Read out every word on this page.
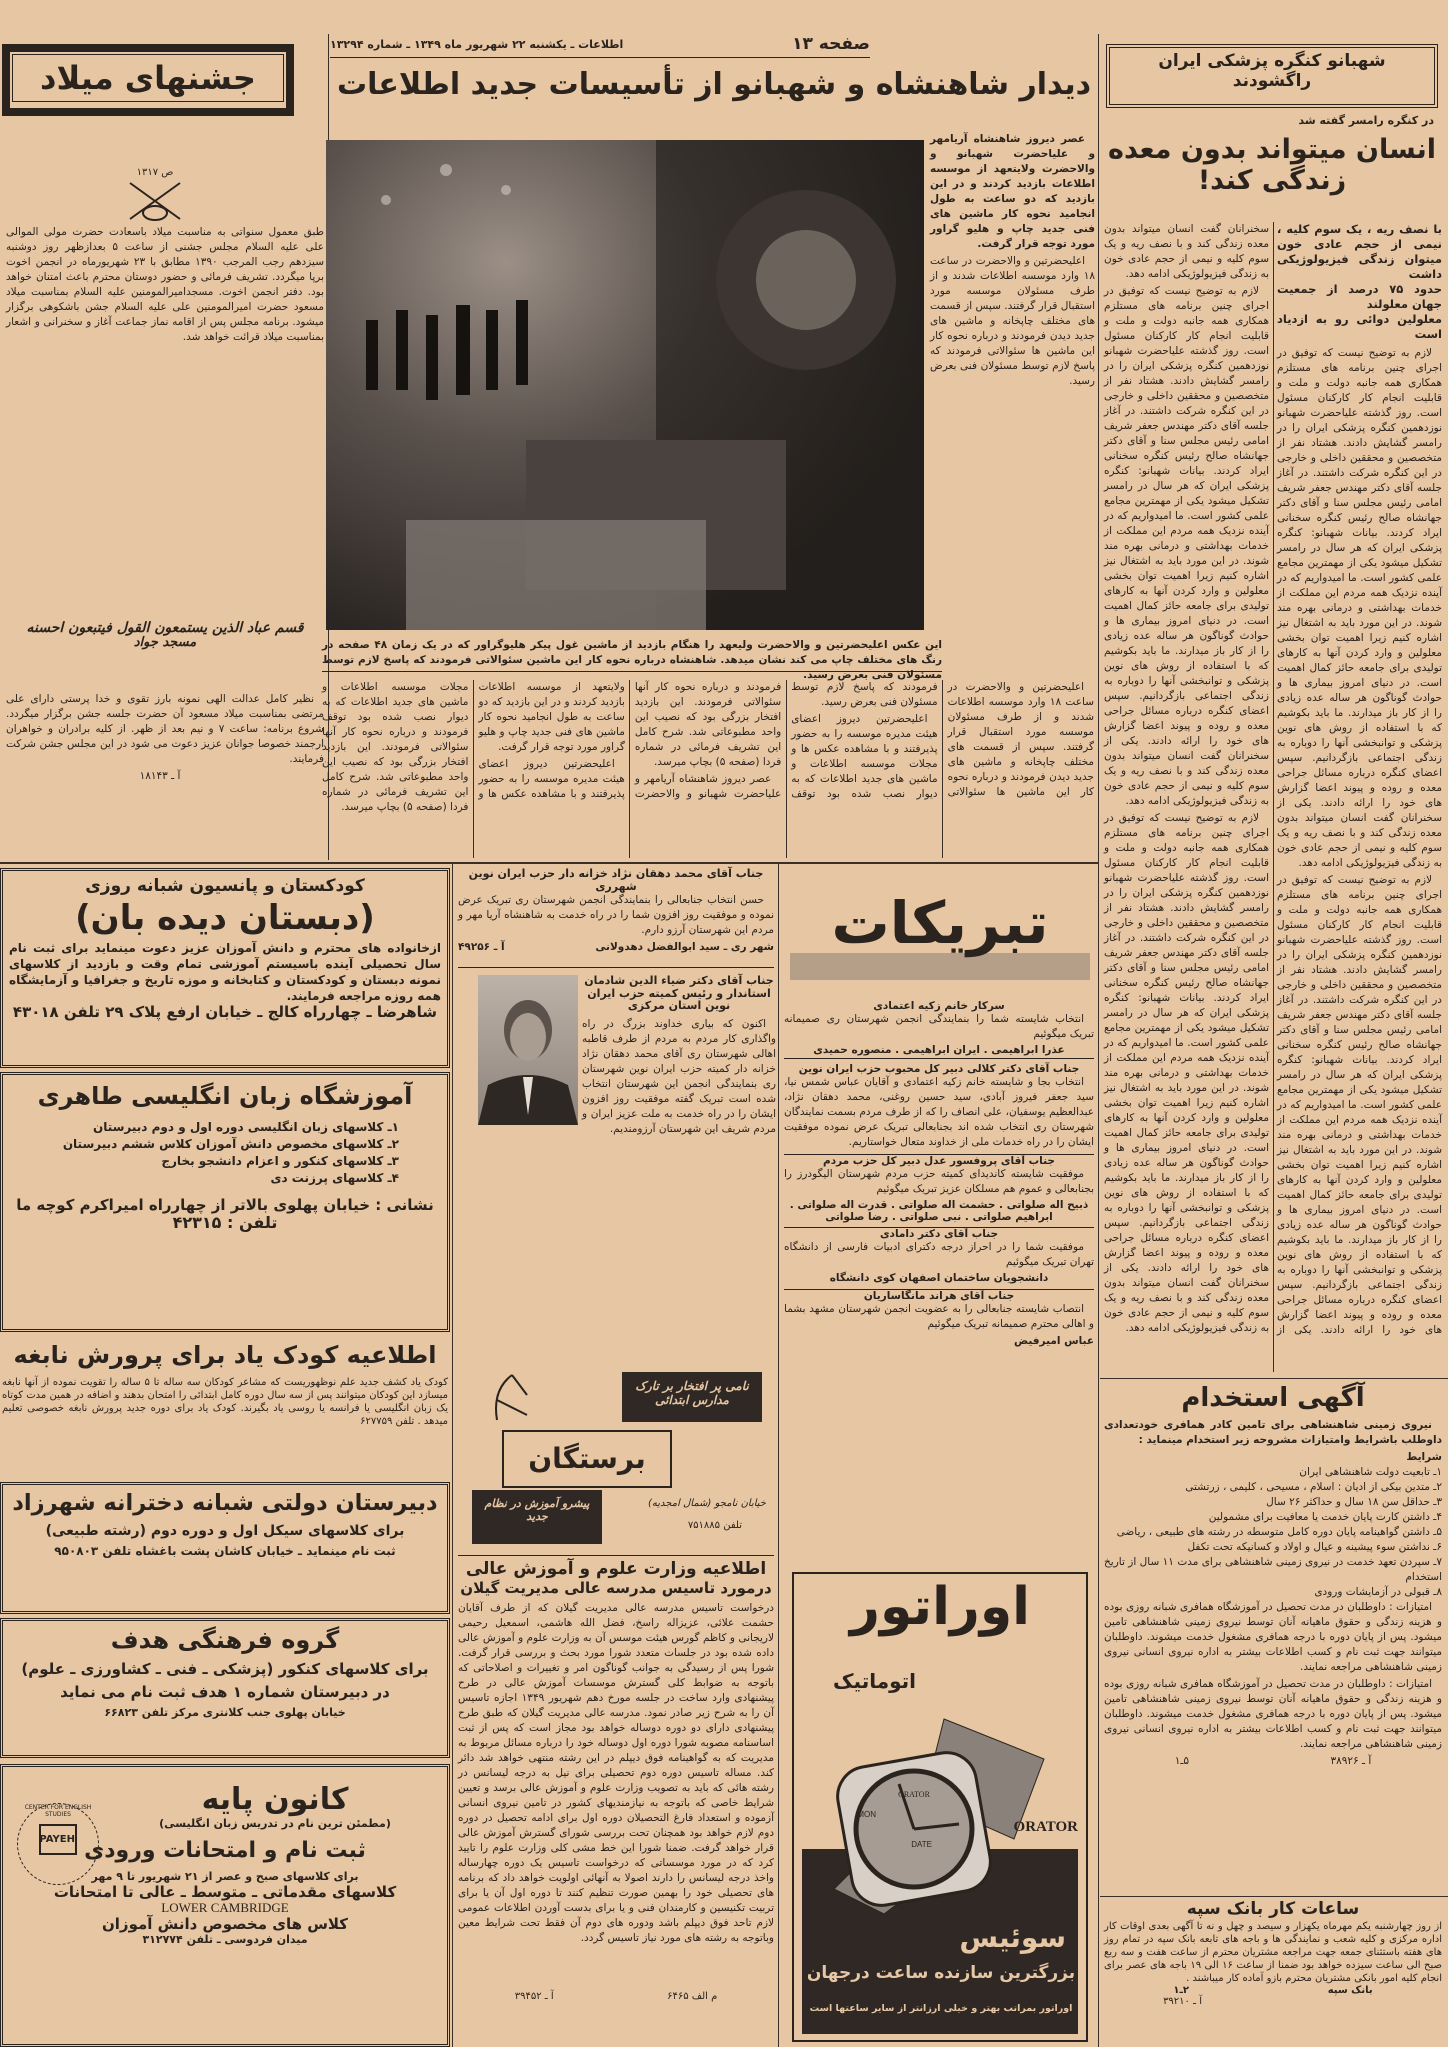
صفحه ۱۳
اطلاعات ـ یکشنبه ۲۲ شهریور ماه ۱۳۴۹ ـ شماره ۱۳۲۹۴
دیدار شاهنشاه و شهبانو از تأسیسات جدید اطلاعات

عصر دیروز شاهنشاه آریامهر و علیاحضرت شهبانو و والاحضرت ولایتعهد از موسسه اطلاعات بازدید کردند و در این بازدید که دو ساعت به طول انجامید نحوه کار ماشین های فنی جدید چاپ و هلیو گراور مورد توجه قرار گرفت.

اعلیحضرتین و والاحضرت در ساعت ۱۸ وارد موسسه اطلاعات شدند و از طرف مسئولان موسسه مورد استقبال قرار گرفتند. سپس از قسمت های مختلف چاپخانه و ماشین های جدید دیدن فرمودند و درباره نحوه کار این ماشین ها سئوالاتی فرمودند که پاسخ لازم توسط مسئولان فنی بعرض رسید.

این عکس اعلیحضرتین و والاحضرت ولیعهد را هنگام بازدید از ماشین غول پیکر هلیوگراور که در یک زمان ۴۸ صفحه در رنگ های مختلف چاپ می کند نشان میدهد. شاهنشاه درباره نحوه کار این ماشین سئوالاتی فرمودند که پاسخ لازم توسط مسئولان فنی بعرض رسید.

اعلیحضرتین و والاحضرت در ساعت ۱۸ وارد موسسه اطلاعات شدند و از طرف مسئولان موسسه مورد استقبال قرار گرفتند. سپس از قسمت های مختلف چاپخانه و ماشین های جدید دیدن فرمودند و درباره نحوه کار این ماشین ها سئوالاتی فرمودند که پاسخ لازم توسط مسئولان فنی بعرض رسید.

اعلیحضرتین دیروز اعضای هیئت مدیره موسسه را به حضور پذیرفتند و با مشاهده عکس ها و مجلات موسسه اطلاعات و ماشین های جدید اطلاعات که به دیوار نصب شده بود توقف فرمودند و درباره نحوه کار آنها سئوالاتی فرمودند. این بازدید افتخار بزرگی بود که نصیب این واحد مطبوعاتی شد. شرح کامل این تشریف فرمائی در شماره فردا (صفحه ۵) بچاپ میرسد.

عصر دیروز شاهنشاه آریامهر و علیاحضرت شهبانو و والاحضرت ولایتعهد از موسسه اطلاعات بازدید کردند و در این بازدید که دو ساعت به طول انجامید نحوه کار ماشین های فنی جدید چاپ و هلیو گراور مورد توجه قرار گرفت.

اعلیحضرتین دیروز اعضای هیئت مدیره موسسه را به حضور پذیرفتند و با مشاهده عکس ها و مجلات موسسه اطلاعات و ماشین های جدید اطلاعات که به دیوار نصب شده بود توقف فرمودند و درباره نحوه کار آنها سئوالاتی فرمودند. این بازدید افتخار بزرگی بود که نصیب این واحد مطبوعاتی شد. شرح کامل این تشریف فرمائی در شماره فردا (صفحه ۵) بچاپ میرسد.

جشنهای میلاد
ص ۱۳۱۷
طبق معمول سنواتی به مناسبت میلاد باسعادت حضرت مولی الموالی علی علیه السلام مجلس جشنی از ساعت ۵ بعدازظهر روز دوشنبه سیزدهم رجب المرجب ۱۳۹۰ مطابق با ۲۳ شهریورماه در انجمن اخوت برپا میگردد. تشریف فرمائی و حضور دوستان محترم باعث امتنان خواهد بود. دفتر انجمن اخوت. مسجدامیرالمومنین علیه السلام بمناسبت میلاد مسعود حضرت امیرالمومنین علی علیه السلام جشن باشکوهی برگزار میشود. برنامه مجلس پس از اقامه نماز جماعت آغاز و سخنرانی و اشعار بمناسبت میلاد قرائت خواهد شد.
قسم عباد الذین یستمعون القول فیتبعون احسنه
مسجد جواد

نظیر کامل عدالت الهی نمونه بارز تقوی و خدا پرستی دارای علی مرتضی بمناسبت میلاد مسعود آن حضرت جلسه جشن برگزار میگردد. شروع برنامه: ساعت ۷ و نیم بعد از ظهر. از کلیه برادران و خواهران ارجمند خصوصا جوانان عزیز دعوت می شود در این مجلس جشن شرکت فرمایند.

آ ـ ۱۸۱۴۳

کودکستان و پانسیون شبانه روزی
(دبستان دیده بان)
ازخانواده های محترم و دانش آموزان عزیز دعوت مینماید برای ثبت نام سال تحصیلی آینده باسیستم آموزشی تمام وقت و بازدید از کلاسهای نمونه دبستان و کودکستان و کتابخانه و موزه تاریخ و جغرافیا و آزمایشگاه همه روزه مراجعه فرمایند.
شاهرضا ـ چهارراه کالج ـ خیابان ارفع پلاک ۲۹ تلفن ۴۳۰۱۸
آموزشگاه زبان انگلیسی طاهری
۱ـ کلاسهای زبان انگلیسی دوره اول و دوم دبیرستان
۲ـ کلاسهای مخصوص دانش آموزان کلاس ششم دبیرستان
۳ـ کلاسهای کنکور و اعزام دانشجو بخارج
۴ـ کلاسهای پرزنت دی
نشانی : خیابان پهلوی بالاتر از چهارراه امیراکرم کوچه ما
تلفن : ۴۲۳۱۵
اطلاعیه کودک یاد برای پرورش نابغه
کودک یاد کشف جدید علم نوظهوریست که مشاعر کودکان سه ساله تا ۵ ساله را تقویت نموده از آنها نابغه میسازد این کودکان میتوانند پس از سه سال دوره کامل ابتدائی را امتحان بدهند و اضافه در همین مدت کوتاه یک زبان انگلیسی یا فرانسه یا روسی یاد بگیرند. کودک یاد برای دوره جدید پرورش نابغه خصوصی تعلیم میدهد . تلفن ۶۲۷۷۵۹
دبیرستان دولتی شبانه دخترانه شهرزاد
برای کلاسهای سیکل اول و دوره دوم (رشته طبیعی)
ثبت نام مینماید ـ خیابان کاشان پشت باغشاه تلفن ۹۵۰۸۰۳
گروه فرهنگی هدف
برای کلاسهای کنکور (پزشکی ـ فنی ـ کشاورزی ـ علوم)
در دبیرستان شماره ۱ هدف ثبت نام می نماید
خیابان پهلوی جنب کلانتری مرکز تلفن ۶۶۸۲۳
CENTER FOR ENGLISH STUDIES
PAYEH
کانون پایه
(مطمئن ترین نام در تدریس زبان انگلیسی)
ثبت نام و امتحانات ورودی
برای کلاسهای صبح و عصر از ۲۱ شهریور تا ۹ مهر
کلاسهای مقدماتی ـ متوسط ـ عالی تا امتحانات
LOWER CAMBRIDGE
کلاس های مخصوص دانش آموزان
میدان فردوسی ـ تلفن ۳۱۲۷۷۴
جناب آقای محمد دهقان نژاد خزانه دار حزب ایران نوین شهرری

حسن انتخاب جنابعالی را بنمایندگی انجمن شهرستان ری تبریک عرض نموده و موفقیت روز افزون شما را در راه خدمت به شاهنشاه آریا مهر و مردم این شهرستان آرزو دارم.

شهر ری ـ سید ابوالفضل دهدولانی
آ ـ ۴۹۲۵۶
جناب آقای دکتر ضیاء الدین شادمان استاندار و رئیس کمیته حزب ایران نوین استان مرکزی

اکنون که بیاری خداوند بزرگ در راه واگذاری کار مردم به مردم از طرف قاطبه اهالی شهرستان ری آقای محمد دهقان نژاد خزانه دار کمیته حزب ایران نوین شهرستان ری بنمایندگی انجمن این شهرستان انتخاب شده است تبریک گفته موفقیت روز افزون ایشان را در راه خدمت به ملت عزیز ایران و مردم شریف این شهرستان آرزومندیم.

نامی پر افتخار بر تارک مدارس ابتدائی
برستگان
پیشرو آموزش در نظام جدید
خیابان نامجو (شمال امجدیه)
تلفن ۷۵۱۸۸۵
اطلاعیه وزارت علوم و آموزش عالی
درمورد تاسیس مدرسه عالی مدیریت گیلان
درخواست تاسیس مدرسه عالی مدیریت گیلان که از طرف آقایان حشمت علائی، عزیزاله راسخ، فضل الله هاشمی، اسمعیل رحیمی لاریجانی و کاظم گورس هیئت موسس آن به وزارت علوم و آموزش عالی داده شده بود در جلسات متعدد شورا مورد بحث و بررسی قرار گرفت. شورا پس از رسیدگی به جوانب گوناگون امر و تغییرات و اصلاحاتی که باتوجه به ضوابط کلی گسترش موسسات آموزش عالی در طرح پیشنهادی وارد ساخت در جلسه مورخ دهم شهریور ۱۳۴۹ اجازه تاسیس آن را به شرح زیر صادر نمود. مدرسه عالی مدیریت گیلان که طبق طرح پیشنهادی دارای دو دوره دوساله خواهد بود مجاز است که پس از ثبت اساسنامه مصوبه شورا دوره اول دوساله خود را درباره مسائل مربوط به مدیریت که به گواهینامه فوق دیپلم در این رشته منتهی خواهد شد دائر کند. مساله تاسیس دوره دوم تحصیلی برای نیل به درجه لیسانس در رشته هائی که باید به تصویب وزارت علوم و آموزش عالی برسد و تعیین شرایط خاصی که باتوجه به نیازمندیهای کشور در تامین نیروی انسانی آزموده و استعداد فارغ التحصیلان دوره اول برای ادامه تحصیل در دوره دوم لازم خواهد بود همچنان تحت بررسی شورای گسترش آموزش عالی قرار خواهد گرفت. ضمنا شورا این خط مشی کلی وزارت علوم را تایید کرد که در مورد موسساتی که درخواست تاسیس یک دوره چهارساله واخذ درجه لیسانس را دارند اصولا به آنهائی اولویت خواهد داد که برنامه های تحصیلی خود را بهمین صورت تنظیم کنند تا دوره اول آن یا برای تربیت تکنیسین و کارمندان فنی و یا برای بدست آوردن اطلاعات عمومی لازم تاحد فوق دیپلم باشد ودوره های دوم آن فقط تحت شرایط معین وباتوجه به رشته های مورد نیاز تاسیس گردد.
م الف ۶۴۶۵
آ ـ ۳۹۴۵۲
تبریکات
سرکار خانم زکیه اعتمادی

انتخاب شایسته شما را بنمایندگی انجمن شهرستان ری صمیمانه تبریک میگوئیم

عذرا ابراهیمی . ایران ابراهیمی . منصوره حمیدی
جناب آقای دکتر کلالی دبیر کل محبوب حزب ایران نوین

انتخاب بجا و شایسته خانم زکیه اعتمادی و آقایان عباس شمس نیا، سید جعفر فیروز آبادی، سید حسین روغنی، محمد دهقان نژاد، عبدالعظیم یوسفیان، علی انصاف را که از طرف مردم بسمت نمایندگان شهرستان ری انتخاب شده اند بجنابعالی تبریک عرض نموده موفقیت ایشان را در راه خدمات ملی از خداوند متعال خواستاریم.

جناب آقای پروفسور عدل دبیر کل حزب مردم

موفقیت شایسته کاندیدای کمیته حزب مردم شهرستان الیگودرز را بجنابعالی و عموم هم مسلکان عزیز تبریک میگوئیم

ذبیح اله صلواتی . حشمت اله صلواتی . قدرت اله صلواتی . ابراهیم صلواتی . نبی صلواتی . رضا صلواتی
جناب آقای دکتر دامادی

موفقیت شما را در احراز درجه دکترای ادبیات فارسی از دانشگاه تهران تبریک میگوئیم

دانشجویان ساختمان اصفهان کوی دانشگاه
جناب آقای هراند مانگاساریان

انتصاب شایسته جنابعالی را به عضویت انجمن شهرستان مشهد بشما و اهالی محترم صمیمانه تبریک میگوئیم

عباس امیرفیض
اوراتور
اتوماتیک
ORATOR
MON
DATE
ORATOR
سوئیس
بزرگترین سازنده ساعت درجهان
اوراتور بمراتب بهتر و خیلی ارزانتر از سایر ساعتها است
شهبانو کنگره پزشکی ایران راگشودند
در کنگره رامسر گفته شد
انسان میتواند بدون معده زندگی کند!
با نصف ریه ، یک سوم کلیه ، نیمی از حجم عادی خون میتوان زندگی فیزیولوژیکی داشت
حدود ۷۵ درصد از جمعیت جهان معلولند
معلولین دوائی رو به ازدیاد است

لازم به توضیح نیست که توفیق در اجرای چنین برنامه های مستلزم همکاری همه جانبه دولت و ملت و قابلیت انجام کار کارکنان مسئول است. روز گذشته علیاحضرت شهبانو نوزدهمین کنگره پزشکی ایران را در رامسر گشایش دادند. هشتاد نفر از متخصصین و محققین داخلی و خارجی در این کنگره شرکت داشتند. در آغاز جلسه آقای دکتر مهندس جعفر شریف امامی رئیس مجلس سنا و آقای دکتر جهانشاه صالح رئیس کنگره سخنانی ایراد کردند. بیانات شهبانو: کنگره پزشکی ایران که هر سال در رامسر تشکیل میشود یکی از مهمترین مجامع علمی کشور است. ما امیدواریم که در آینده نزدیک همه مردم این مملکت از خدمات بهداشتی و درمانی بهره مند شوند. در این مورد باید به اشتغال نیز اشاره کنیم زیرا اهمیت توان بخشی معلولین و وارد کردن آنها به کارهای تولیدی برای جامعه حائز کمال اهمیت است. در دنیای امروز بیماری ها و حوادث گوناگون هر ساله عده زیادی را از کار باز میدارند. ما باید بکوشیم که با استفاده از روش های نوین پزشکی و توانبخشی آنها را دوباره به زندگی اجتماعی بازگردانیم. سپس اعضای کنگره درباره مسائل جراحی معده و روده و پیوند اعضا گزارش های خود را ارائه دادند. یکی از سخنرانان گفت انسان میتواند بدون معده زندگی کند و با نصف ریه و یک سوم کلیه و نیمی از حجم عادی خون به زندگی فیزیولوژیکی ادامه دهد.

لازم به توضیح نیست که توفیق در اجرای چنین برنامه های مستلزم همکاری همه جانبه دولت و ملت و قابلیت انجام کار کارکنان مسئول است. روز گذشته علیاحضرت شهبانو نوزدهمین کنگره پزشکی ایران را در رامسر گشایش دادند. هشتاد نفر از متخصصین و محققین داخلی و خارجی در این کنگره شرکت داشتند. در آغاز جلسه آقای دکتر مهندس جعفر شریف امامی رئیس مجلس سنا و آقای دکتر جهانشاه صالح رئیس کنگره سخنانی ایراد کردند. بیانات شهبانو: کنگره پزشکی ایران که هر سال در رامسر تشکیل میشود یکی از مهمترین مجامع علمی کشور است. ما امیدواریم که در آینده نزدیک همه مردم این مملکت از خدمات بهداشتی و درمانی بهره مند شوند. در این مورد باید به اشتغال نیز اشاره کنیم زیرا اهمیت توان بخشی معلولین و وارد کردن آنها به کارهای تولیدی برای جامعه حائز کمال اهمیت است. در دنیای امروز بیماری ها و حوادث گوناگون هر ساله عده زیادی را از کار باز میدارند. ما باید بکوشیم که با استفاده از روش های نوین پزشکی و توانبخشی آنها را دوباره به زندگی اجتماعی بازگردانیم. سپس اعضای کنگره درباره مسائل جراحی معده و روده و پیوند اعضا گزارش های خود را ارائه دادند. یکی از سخنرانان گفت انسان میتواند بدون معده زندگی کند و با نصف ریه و یک سوم کلیه و نیمی از حجم عادی خون به زندگی فیزیولوژیکی ادامه دهد.

لازم به توضیح نیست که توفیق در اجرای چنین برنامه های مستلزم همکاری همه جانبه دولت و ملت و قابلیت انجام کار کارکنان مسئول است. روز گذشته علیاحضرت شهبانو نوزدهمین کنگره پزشکی ایران را در رامسر گشایش دادند. هشتاد نفر از متخصصین و محققین داخلی و خارجی در این کنگره شرکت داشتند. در آغاز جلسه آقای دکتر مهندس جعفر شریف امامی رئیس مجلس سنا و آقای دکتر جهانشاه صالح رئیس کنگره سخنانی ایراد کردند. بیانات شهبانو: کنگره پزشکی ایران که هر سال در رامسر تشکیل میشود یکی از مهمترین مجامع علمی کشور است. ما امیدواریم که در آینده نزدیک همه مردم این مملکت از خدمات بهداشتی و درمانی بهره مند شوند. در این مورد باید به اشتغال نیز اشاره کنیم زیرا اهمیت توان بخشی معلولین و وارد کردن آنها به کارهای تولیدی برای جامعه حائز کمال اهمیت است. در دنیای امروز بیماری ها و حوادث گوناگون هر ساله عده زیادی را از کار باز میدارند. ما باید بکوشیم که با استفاده از روش های نوین پزشکی و توانبخشی آنها را دوباره به زندگی اجتماعی بازگردانیم. سپس اعضای کنگره درباره مسائل جراحی معده و روده و پیوند اعضا گزارش های خود را ارائه دادند. یکی از سخنرانان گفت انسان میتواند بدون معده زندگی کند و با نصف ریه و یک سوم کلیه و نیمی از حجم عادی خون به زندگی فیزیولوژیکی ادامه دهد.

لازم به توضیح نیست که توفیق در اجرای چنین برنامه های مستلزم همکاری همه جانبه دولت و ملت و قابلیت انجام کار کارکنان مسئول است. روز گذشته علیاحضرت شهبانو نوزدهمین کنگره پزشکی ایران را در رامسر گشایش دادند. هشتاد نفر از متخصصین و محققین داخلی و خارجی در این کنگره شرکت داشتند. در آغاز جلسه آقای دکتر مهندس جعفر شریف امامی رئیس مجلس سنا و آقای دکتر جهانشاه صالح رئیس کنگره سخنانی ایراد کردند. بیانات شهبانو: کنگره پزشکی ایران که هر سال در رامسر تشکیل میشود یکی از مهمترین مجامع علمی کشور است. ما امیدواریم که در آینده نزدیک همه مردم این مملکت از خدمات بهداشتی و درمانی بهره مند شوند. در این مورد باید به اشتغال نیز اشاره کنیم زیرا اهمیت توان بخشی معلولین و وارد کردن آنها به کارهای تولیدی برای جامعه حائز کمال اهمیت است. در دنیای امروز بیماری ها و حوادث گوناگون هر ساله عده زیادی را از کار باز میدارند. ما باید بکوشیم که با استفاده از روش های نوین پزشکی و توانبخشی آنها را دوباره به زندگی اجتماعی بازگردانیم. سپس اعضای کنگره درباره مسائل جراحی معده و روده و پیوند اعضا گزارش های خود را ارائه دادند. یکی از سخنرانان گفت انسان میتواند بدون معده زندگی کند و با نصف ریه و یک سوم کلیه و نیمی از حجم عادی خون به زندگی فیزیولوژیکی ادامه دهد.

آگهی استخدام

نیروی زمینی شاهنشاهی برای تامین کادر همافری خودتعدادی داوطلب باشرایط وامتیازات مشروحه زیر استخدام مینماید :

شرایط
۱ـ تابعیت دولت شاهنشاهی ایران
۲ـ متدین بیکی از ادیان : اسلام ، مسیحی ، کلیمی ، زرتشتی
۳ـ حداقل سن ۱۸ سال و حداکثر ۲۶ سال
۴ـ داشتن کارت پایان خدمت یا معافیت برای مشمولین
۵ـ داشتن گواهینامه پایان دوره کامل متوسطه در رشته های طبیعی ، ریاضی
۶ـ نداشتن سوء پیشینه و عیال و اولاد و کسانیکه تحت تکفل
۷ـ سپردن تعهد خدمت در نیروی زمینی شاهنشاهی برای مدت ۱۱ سال از تاریخ استخدام
۸ـ قبولی در آزمایشات ورودی

امتیازات : داوطلبان در مدت تحصیل در آموزشگاه همافری شبانه روزی بوده و هزینه زندگی و حقوق ماهیانه آنان توسط نیروی زمینی شاهنشاهی تامین میشود. پس از پایان دوره با درجه همافری مشغول خدمت میشوند. داوطلبان میتوانند جهت ثبت نام و کسب اطلاعات بیشتر به اداره نیروی انسانی نیروی زمینی شاهنشاهی مراجعه نمایند.

امتیازات : داوطلبان در مدت تحصیل در آموزشگاه همافری شبانه روزی بوده و هزینه زندگی و حقوق ماهیانه آنان توسط نیروی زمینی شاهنشاهی تامین میشود. پس از پایان دوره با درجه همافری مشغول خدمت میشوند. داوطلبان میتوانند جهت ثبت نام و کسب اطلاعات بیشتر به اداره نیروی انسانی نیروی زمینی شاهنشاهی مراجعه نمایند.

آ ـ ۳۸۹۲۶
۵ـ۱
ساعات کار بانک سپه
از روز چهارشنبه یکم مهرماه یکهزار و سیصد و چهل و نه تا آگهی بعدی اوقات کار اداره مرکزی و کلیه شعب و نمایندگی ها و باجه های تابعه بانک سپه در تمام روز های هفته باستثنای جمعه جهت مراجعه مشتریان محترم از ساعت هفت و سه ربع صبح الی ساعت سیزده خواهد بود ضمنا از ساعت ۱۶ الی ۱۹ باجه های عصر برای انجام کلیه امور بانکی مشتریان محترم بازو آماده کار میباشند .
بانک سپه
۲ـ۱
آ ـ ۳۹۲۱۰
